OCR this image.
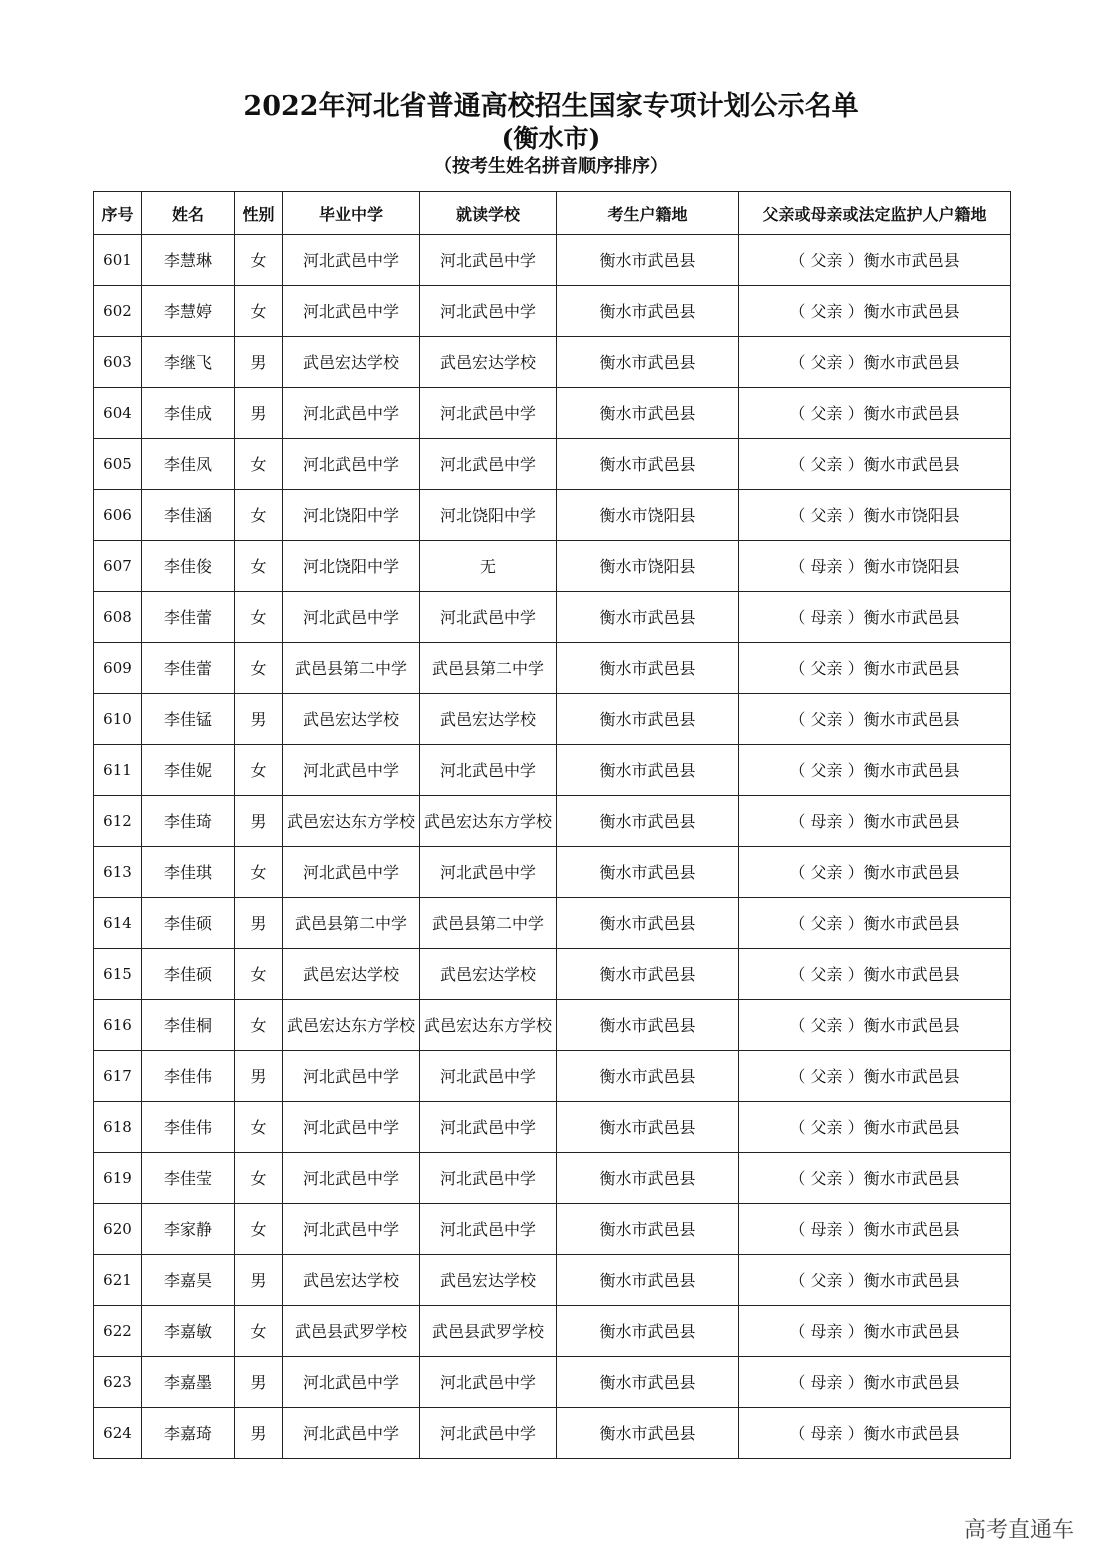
2022年河北省普通高校招生国家专项计划公示名单
(衡水市)
（按考生姓名拼音顺序排序）
序号	姓名	性别	毕业中学	就读学校	考生户籍地	父亲或母亲或法定监护人户籍地
601	李慧琳	女	河北武邑中学	河北武邑中学	衡水市武邑县	（ 父亲 ）衡水市武邑县
602	李慧婷	女	河北武邑中学	河北武邑中学	衡水市武邑县	（ 父亲 ）衡水市武邑县
603	李继飞	男	武邑宏达学校	武邑宏达学校	衡水市武邑县	（ 父亲 ）衡水市武邑县
604	李佳成	男	河北武邑中学	河北武邑中学	衡水市武邑县	（ 父亲 ）衡水市武邑县
605	李佳凤	女	河北武邑中学	河北武邑中学	衡水市武邑县	（ 父亲 ）衡水市武邑县
606	李佳涵	女	河北饶阳中学	河北饶阳中学	衡水市饶阳县	（ 父亲 ）衡水市饶阳县
607	李佳俊	女	河北饶阳中学	无	衡水市饶阳县	（ 母亲 ）衡水市饶阳县
608	李佳蕾	女	河北武邑中学	河北武邑中学	衡水市武邑县	（ 母亲 ）衡水市武邑县
609	李佳蕾	女	武邑县第二中学	武邑县第二中学	衡水市武邑县	（ 父亲 ）衡水市武邑县
610	李佳锰	男	武邑宏达学校	武邑宏达学校	衡水市武邑县	（ 父亲 ）衡水市武邑县
611	李佳妮	女	河北武邑中学	河北武邑中学	衡水市武邑县	（ 父亲 ）衡水市武邑县
612	李佳琦	男	武邑宏达东方学校	武邑宏达东方学校	衡水市武邑县	（ 母亲 ）衡水市武邑县
613	李佳琪	女	河北武邑中学	河北武邑中学	衡水市武邑县	（ 父亲 ）衡水市武邑县
614	李佳硕	男	武邑县第二中学	武邑县第二中学	衡水市武邑县	（ 父亲 ）衡水市武邑县
615	李佳硕	女	武邑宏达学校	武邑宏达学校	衡水市武邑县	（ 父亲 ）衡水市武邑县
616	李佳桐	女	武邑宏达东方学校	武邑宏达东方学校	衡水市武邑县	（ 父亲 ）衡水市武邑县
617	李佳伟	男	河北武邑中学	河北武邑中学	衡水市武邑县	（ 父亲 ）衡水市武邑县
618	李佳伟	女	河北武邑中学	河北武邑中学	衡水市武邑县	（ 父亲 ）衡水市武邑县
619	李佳莹	女	河北武邑中学	河北武邑中学	衡水市武邑县	（ 父亲 ）衡水市武邑县
620	李家静	女	河北武邑中学	河北武邑中学	衡水市武邑县	（ 母亲 ）衡水市武邑县
621	李嘉昊	男	武邑宏达学校	武邑宏达学校	衡水市武邑县	（ 父亲 ）衡水市武邑县
622	李嘉敏	女	武邑县武罗学校	武邑县武罗学校	衡水市武邑县	（ 母亲 ）衡水市武邑县
623	李嘉墨	男	河北武邑中学	河北武邑中学	衡水市武邑县	（ 母亲 ）衡水市武邑县
624	李嘉琦	男	河北武邑中学	河北武邑中学	衡水市武邑县	（ 母亲 ）衡水市武邑县
高考直通车
